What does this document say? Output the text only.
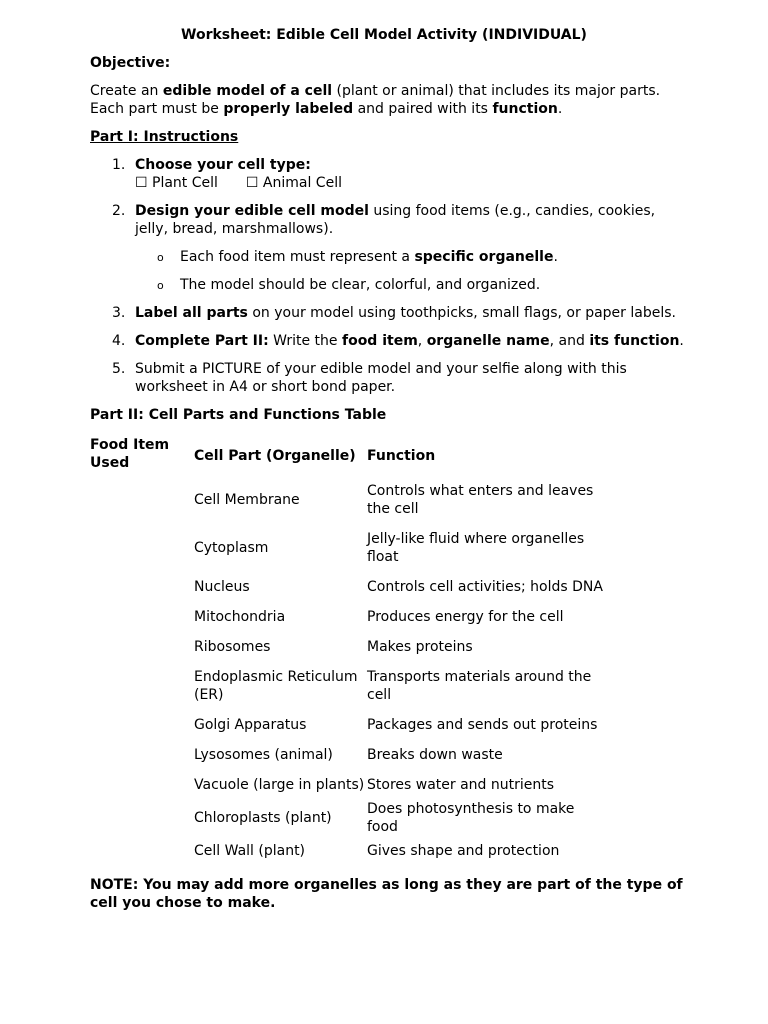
Worksheet: Edible Cell Model Activity (INDIVIDUAL)
Objective:
Create an edible model of a cell (plant or animal) that includes its major parts. Each part must be properly labeled and paired with its function.
Part I: Instructions
1. Choose your cell type:
☐ Plant Cell ☐ Animal Cell
2. Design your edible cell model using food items (e.g., candies, cookies, jelly, bread, marshmallows).
o Each food item must represent a specific organelle.
o The model should be clear, colorful, and organized.
3. Label all parts on your model using toothpicks, small flags, or paper labels.
4. Complete Part II: Write the food item, organelle name, and its function.
5. Submit a PICTURE of your edible model and your selfie along with this worksheet in A4 or short bond paper.
Part II: Cell Parts and Functions Table
Food Item Used	Cell Part (Organelle)	Function
	Cell Membrane	Controls what enters and leaves the cell
	Cytoplasm	Jelly-like fluid where organelles float
	Nucleus	Controls cell activities; holds DNA
	Mitochondria	Produces energy for the cell
	Ribosomes	Makes proteins
	Endoplasmic Reticulum (ER)	Transports materials around the cell
	Golgi Apparatus	Packages and sends out proteins
	Lysosomes (animal)	Breaks down waste
	Vacuole (large in plants)	Stores water and nutrients
	Chloroplasts (plant)	Does photosynthesis to make food
	Cell Wall (plant)	Gives shape and protection
NOTE: You may add more organelles as long as they are part of the type of cell you chose to make.
